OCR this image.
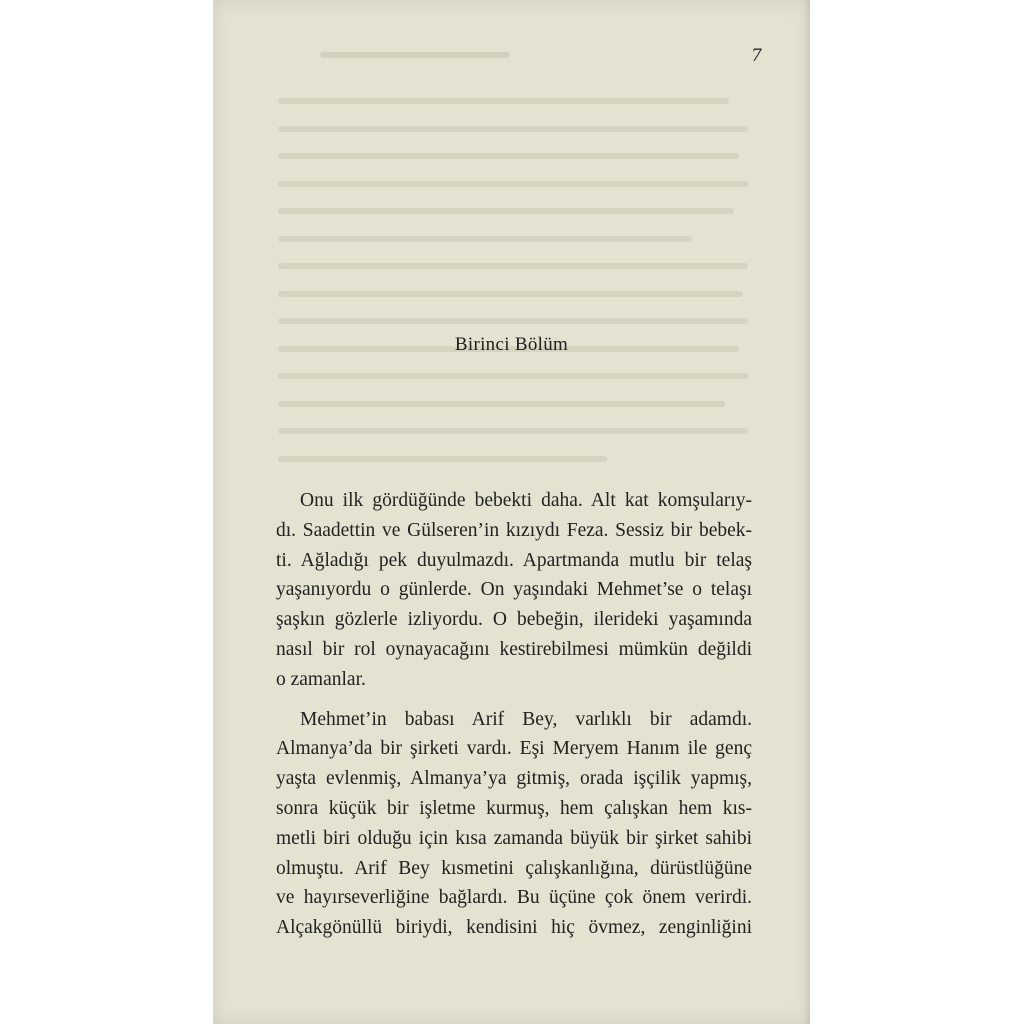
7
Birinci Bölüm
Onu ilk gördüğünde bebekti daha. Alt kat komşularıy-
dı. Saadettin ve Gülseren’in kızıydı Feza. Sessiz bir bebek-
ti. Ağladığı pek duyulmazdı. Apartmanda mutlu bir telaş
yaşanıyordu o günlerde. On yaşındaki Mehmet’se o telaşı
şaşkın gözlerle izliyordu. O bebeğin, ilerideki yaşamında
nasıl bir rol oynayacağını kestirebilmesi mümkün değildi
o zamanlar.
Mehmet’in babası Arif Bey, varlıklı bir adamdı.
Almanya’da bir şirketi vardı. Eşi Meryem Hanım ile genç
yaşta evlenmiş, Almanya’ya gitmiş, orada işçilik yapmış,
sonra küçük bir işletme kurmuş, hem çalışkan hem kıs-
metli biri olduğu için kısa zamanda büyük bir şirket sahibi
olmuştu. Arif Bey kısmetini çalışkanlığına, dürüstlüğüne
ve hayırseverliğine bağlardı. Bu üçüne çok önem verirdi.
Alçakgönüllü biriydi, kendisini hiç övmez, zenginliğini
